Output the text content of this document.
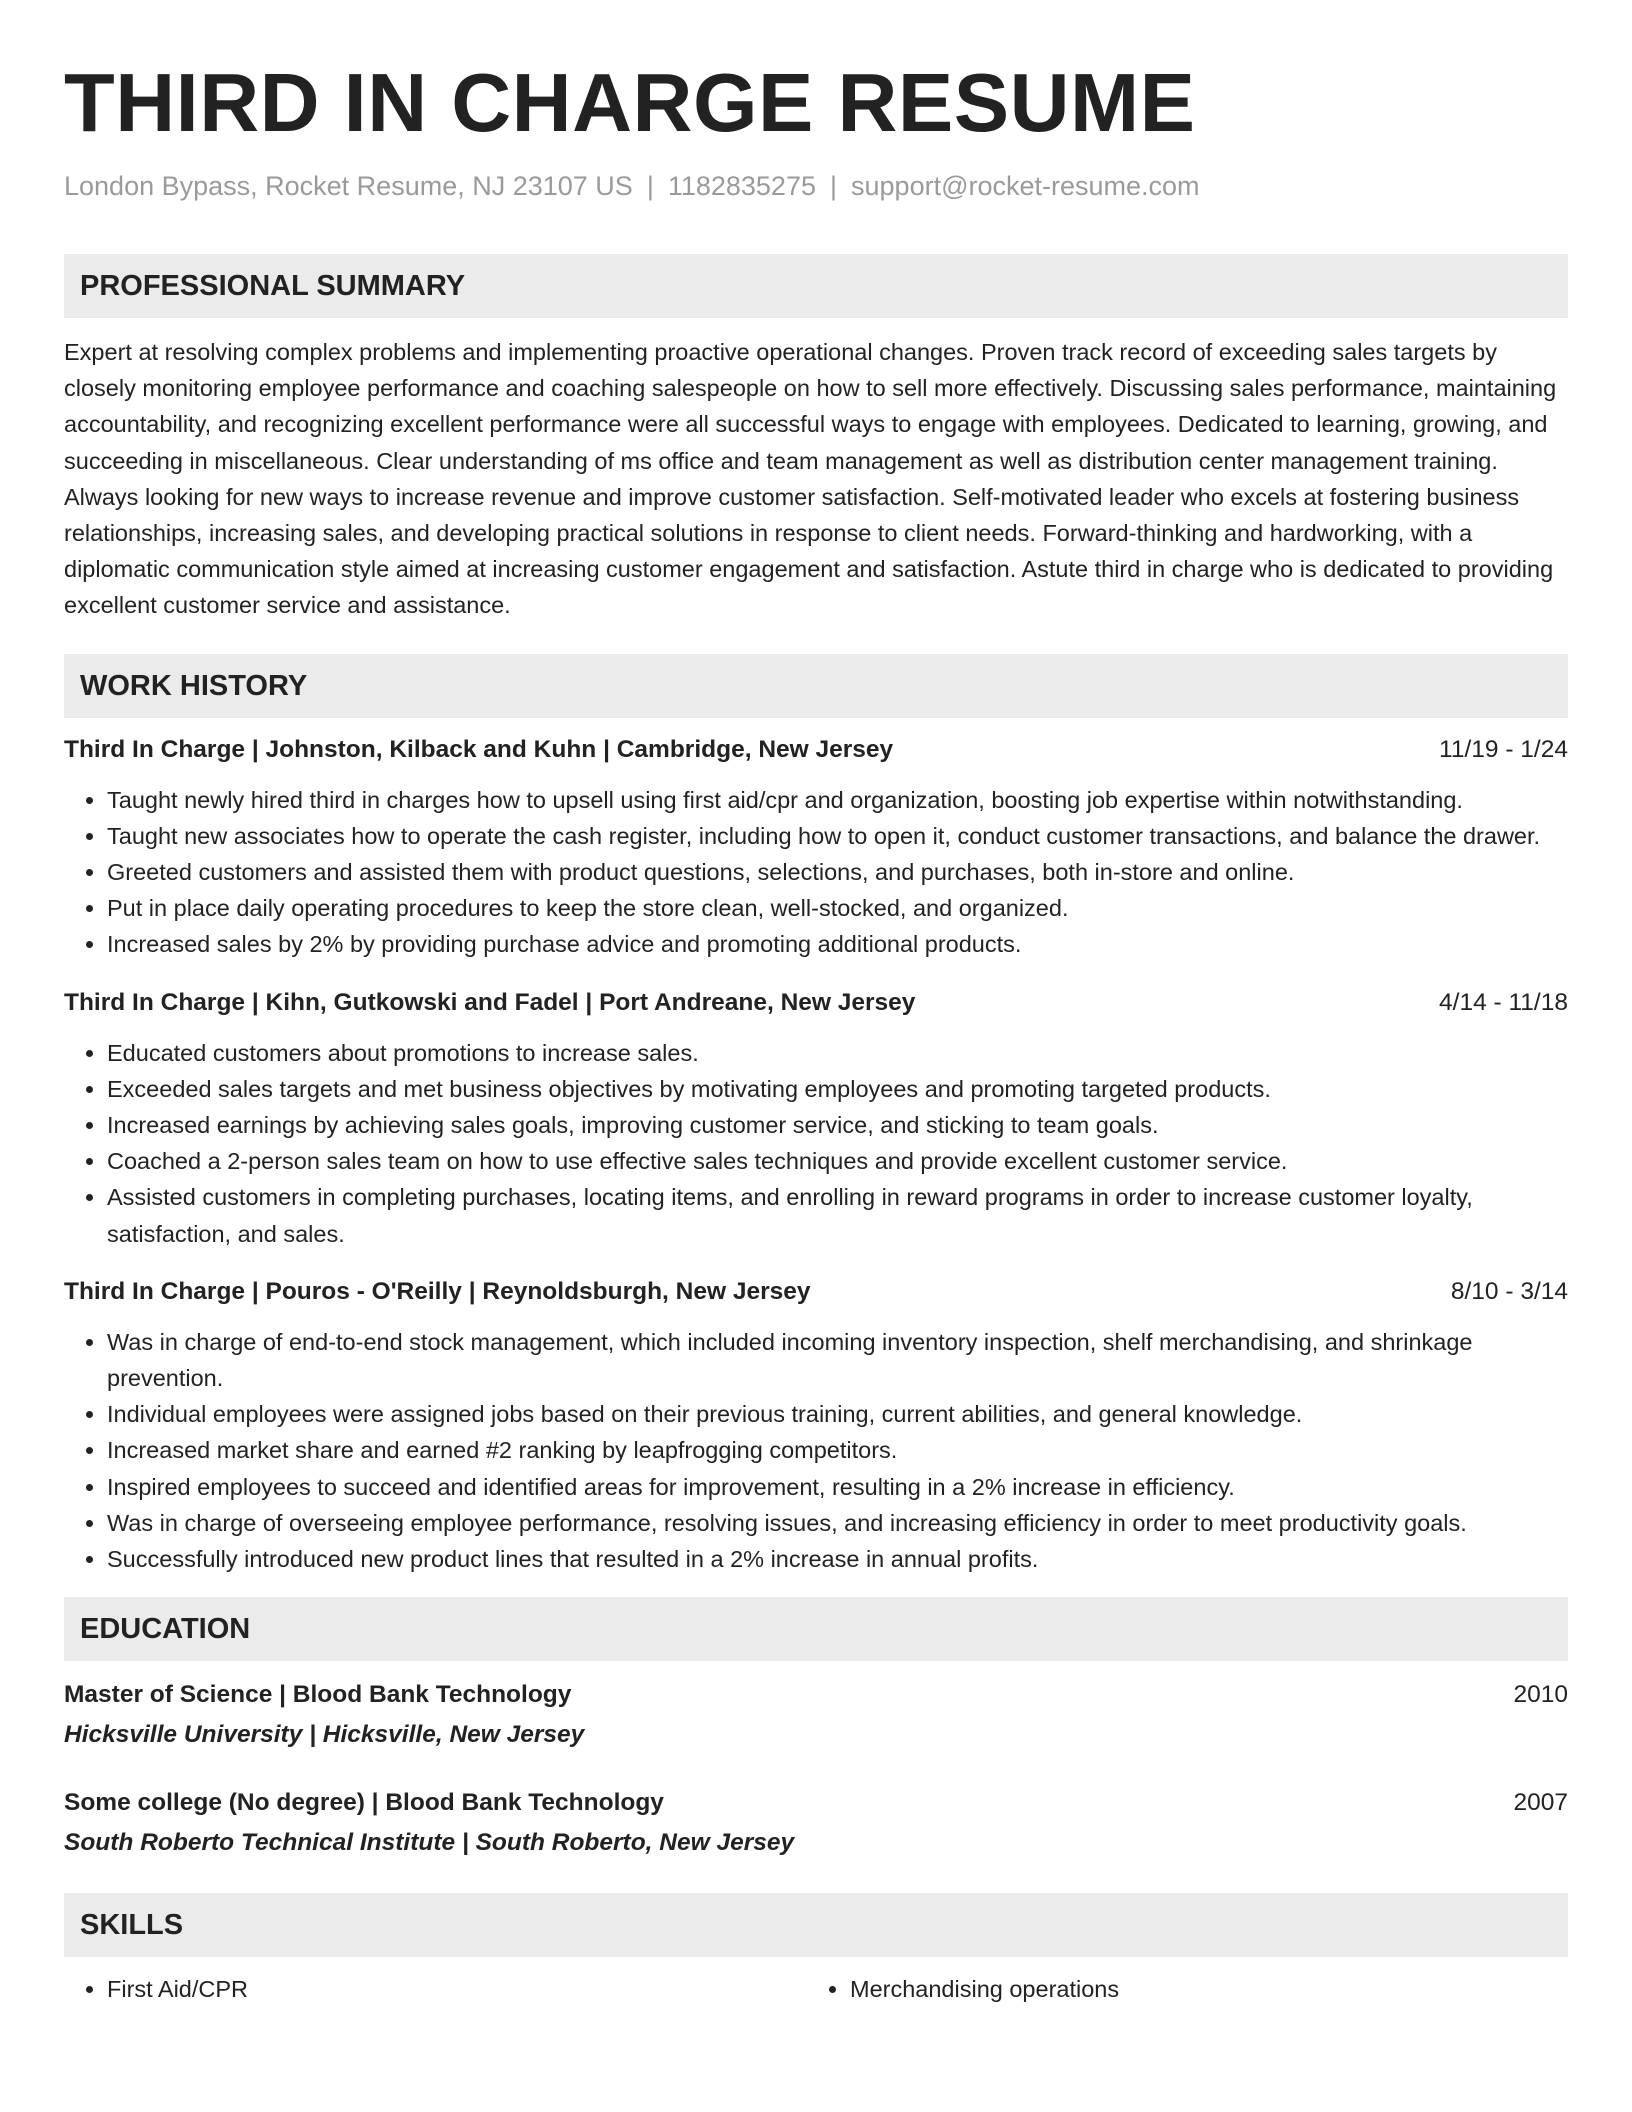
THIRD IN CHARGE RESUME
London Bypass, Rocket Resume, NJ 23107 US | 1182835275 | support@rocket-resume.com
PROFESSIONAL SUMMARY

Expert at resolving complex problems and implementing proactive operational changes. Proven track record of exceeding sales targets by closely monitoring employee performance and coaching salespeople on how to sell more effectively. Discussing sales performance, maintaining accountability, and recognizing excellent performance were all successful ways to engage with employees. Dedicated to learning, growing, and succeeding in miscellaneous. Clear understanding of ms office and team management as well as distribution center management training. Always looking for new ways to increase revenue and improve customer satisfaction. Self-motivated leader who excels at fostering business relationships, increasing sales, and developing practical solutions in response to client needs. Forward-thinking and hardworking, with a diplomatic communication style aimed at increasing customer engagement and satisfaction. Astute third in charge who is dedicated to providing excellent customer service and assistance.

WORK HISTORY
Third In Charge | Johnston, Kilback and Kuhn | Cambridge, New Jersey	11/19 - 1/24
• Taught newly hired third in charges how to upsell using first aid/cpr and organization, boosting job expertise within notwithstanding.
• Taught new associates how to operate the cash register, including how to open it, conduct customer transactions, and balance the drawer.
• Greeted customers and assisted them with product questions, selections, and purchases, both in-store and online.
• Put in place daily operating procedures to keep the store clean, well-stocked, and organized.
• Increased sales by 2% by providing purchase advice and promoting additional products.
Third In Charge | Kihn, Gutkowski and Fadel | Port Andreane, New Jersey	4/14 - 11/18
• Educated customers about promotions to increase sales.
• Exceeded sales targets and met business objectives by motivating employees and promoting targeted products.
• Increased earnings by achieving sales goals, improving customer service, and sticking to team goals.
• Coached a 2-person sales team on how to use effective sales techniques and provide excellent customer service.
• Assisted customers in completing purchases, locating items, and enrolling in reward programs in order to increase customer loyalty, satisfaction, and sales.
Third In Charge | Pouros - O'Reilly | Reynoldsburgh, New Jersey	8/10 - 3/14
• Was in charge of end-to-end stock management, which included incoming inventory inspection, shelf merchandising, and shrinkage prevention.
• Individual employees were assigned jobs based on their previous training, current abilities, and general knowledge.
• Increased market share and earned #2 ranking by leapfrogging competitors.
• Inspired employees to succeed and identified areas for improvement, resulting in a 2% increase in efficiency.
• Was in charge of overseeing employee performance, resolving issues, and increasing efficiency in order to meet productivity goals.
• Successfully introduced new product lines that resulted in a 2% increase in annual profits.
EDUCATION
Master of Science | Blood Bank Technology	2010
Hicksville University | Hicksville, New Jersey
Some college (No degree) | Blood Bank Technology	2007
South Roberto Technical Institute | South Roberto, New Jersey
SKILLS
• First Aid/CPR
•	Merchandising operations
